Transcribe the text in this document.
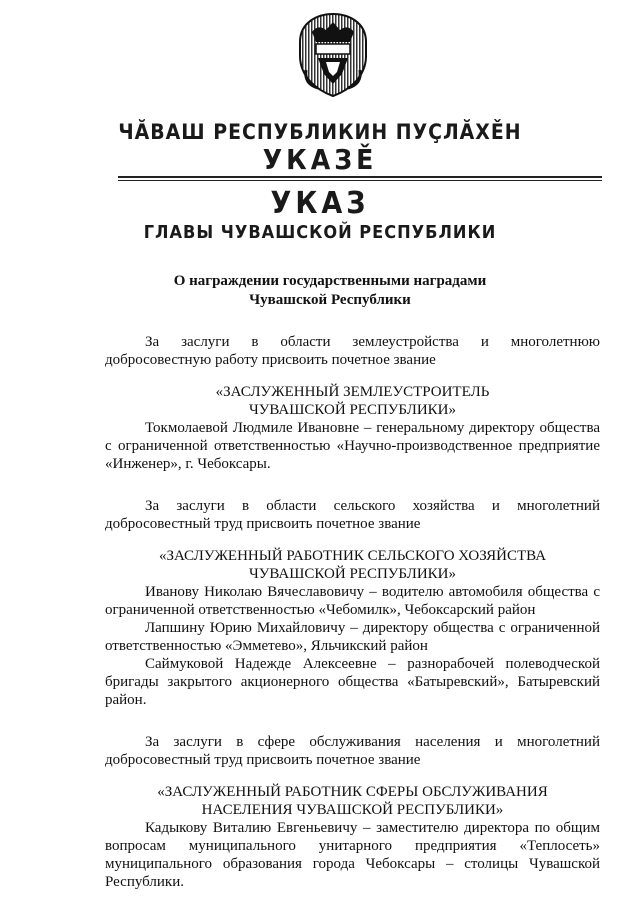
ЧĂВАШ РЕСПУБЛИКИН ПУÇЛĂХĚН
УКАЗĚ
УКАЗ
ГЛАВЫ ЧУВАШСКОЙ РЕСПУБЛИКИ
О награждении государственными наградами
Чувашской Республики

За заслуги в области землеустройства и многолетнюю добросовестную работу присвоить почетное звание

«ЗАСЛУЖЕННЫЙ ЗЕМЛЕУСТРОИТЕЛЬ
ЧУВАШСКОЙ РЕСПУБЛИКИ»

Токмолаевой Людмиле Ивановне – генеральному директору общества с ограниченной ответственностью «Научно-производственное предприятие «Инженер», г. Чебоксары.

За заслуги в области сельского хозяйства и многолетний добросовестный труд присвоить почетное звание

«ЗАСЛУЖЕННЫЙ РАБОТНИК СЕЛЬСКОГО ХОЗЯЙСТВА
ЧУВАШСКОЙ РЕСПУБЛИКИ»

Иванову Николаю Вячеславовичу – водителю автомобиля общества с ограниченной ответственностью «Чебомилк», Чебоксарский район

Лапшину Юрию Михайловичу – директору общества с ограниченной ответственностью «Эмметево», Яльчикский район

Саймуковой Надежде Алексеевне – разнорабочей полеводческой бригады закрытого акционерного общества «Батыревский», Батыревский район.

За заслуги в сфере обслуживания населения и многолетний добросовестный труд присвоить почетное звание

«ЗАСЛУЖЕННЫЙ РАБОТНИК СФЕРЫ ОБСЛУЖИВАНИЯ
НАСЕЛЕНИЯ ЧУВАШСКОЙ РЕСПУБЛИКИ»

Кадыкову Виталию Евгеньевичу – заместителю директора по общим вопросам муниципального унитарного предприятия «Теплосеть» муниципального образования города Чебоксары – столицы Чувашской Республики.
